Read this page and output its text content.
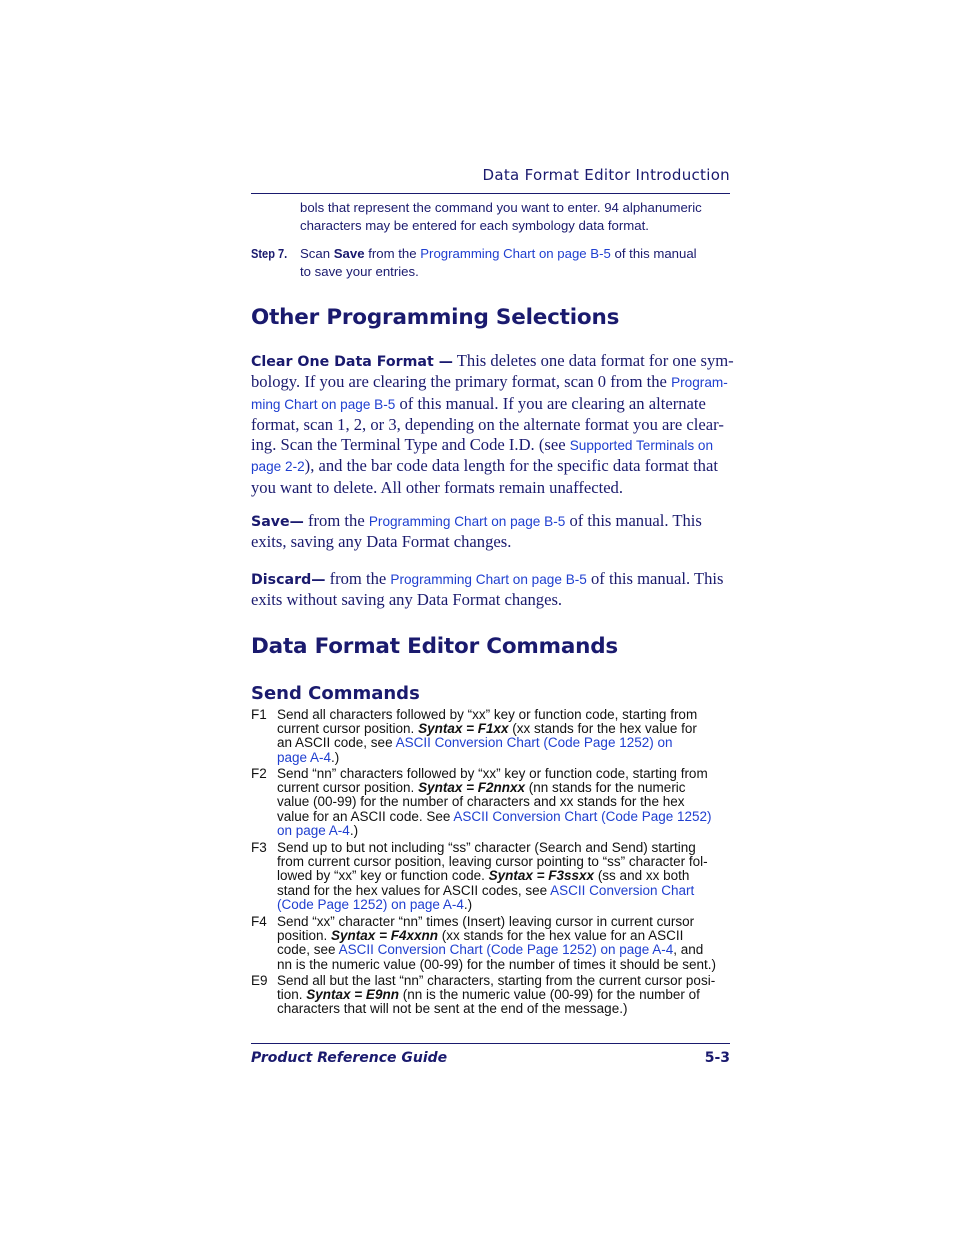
Data Format Editor Introduction
bols that represent the command you want to enter. 94 alphanumeric
characters may be entered for each symbology data format.
Step 7. Scan Save from the Programming Chart on page B-5 of this manual
to save your entries.
Other Programming Selections
Clear One Data Format — This deletes one data format for one sym-
bology. If you are clearing the primary format, scan 0 from the Program-
ming Chart on page B-5 of this manual. If you are clearing an alternate
format, scan 1, 2, or 3, depending on the alternate format you are clear-
ing. Scan the Terminal Type and Code I.D. (see Supported Terminals on
page 2-2), and the bar code data length for the specific data format that
you want to delete. All other formats remain unaffected.
Save— from the Programming Chart on page B-5 of this manual. This
exits, saving any Data Format changes.
Discard— from the Programming Chart on page B-5 of this manual. This
exits without saving any Data Format changes.
Data Format Editor Commands
Send Commands
F1 Send all characters followed by “xx” key or function code, starting from
current cursor position. Syntax = F1xx (xx stands for the hex value for
an ASCII code, see ASCII Conversion Chart (Code Page 1252) on
page A-4.)
F2 Send “nn” characters followed by “xx” key or function code, starting from
current cursor position. Syntax = F2nnxx (nn stands for the numeric
value (00-99) for the number of characters and xx stands for the hex
value for an ASCII code. See ASCII Conversion Chart (Code Page 1252)
on page A-4.)
F3 Send up to but not including “ss” character (Search and Send) starting
from current cursor position, leaving cursor pointing to “ss” character fol-
lowed by “xx” key or function code. Syntax = F3ssxx (ss and xx both
stand for the hex values for ASCII codes, see ASCII Conversion Chart
(Code Page 1252) on page A-4.)
F4 Send “xx” character “nn” times (Insert) leaving cursor in current cursor
position. Syntax = F4xxnn (xx stands for the hex value for an ASCII
code, see ASCII Conversion Chart (Code Page 1252) on page A-4, and
nn is the numeric value (00-99) for the number of times it should be sent.)
E9 Send all but the last “nn” characters, starting from the current cursor posi-
tion. Syntax = E9nn (nn is the numeric value (00-99) for the number of
characters that will not be sent at the end of the message.)
Product Reference Guide	5-3
